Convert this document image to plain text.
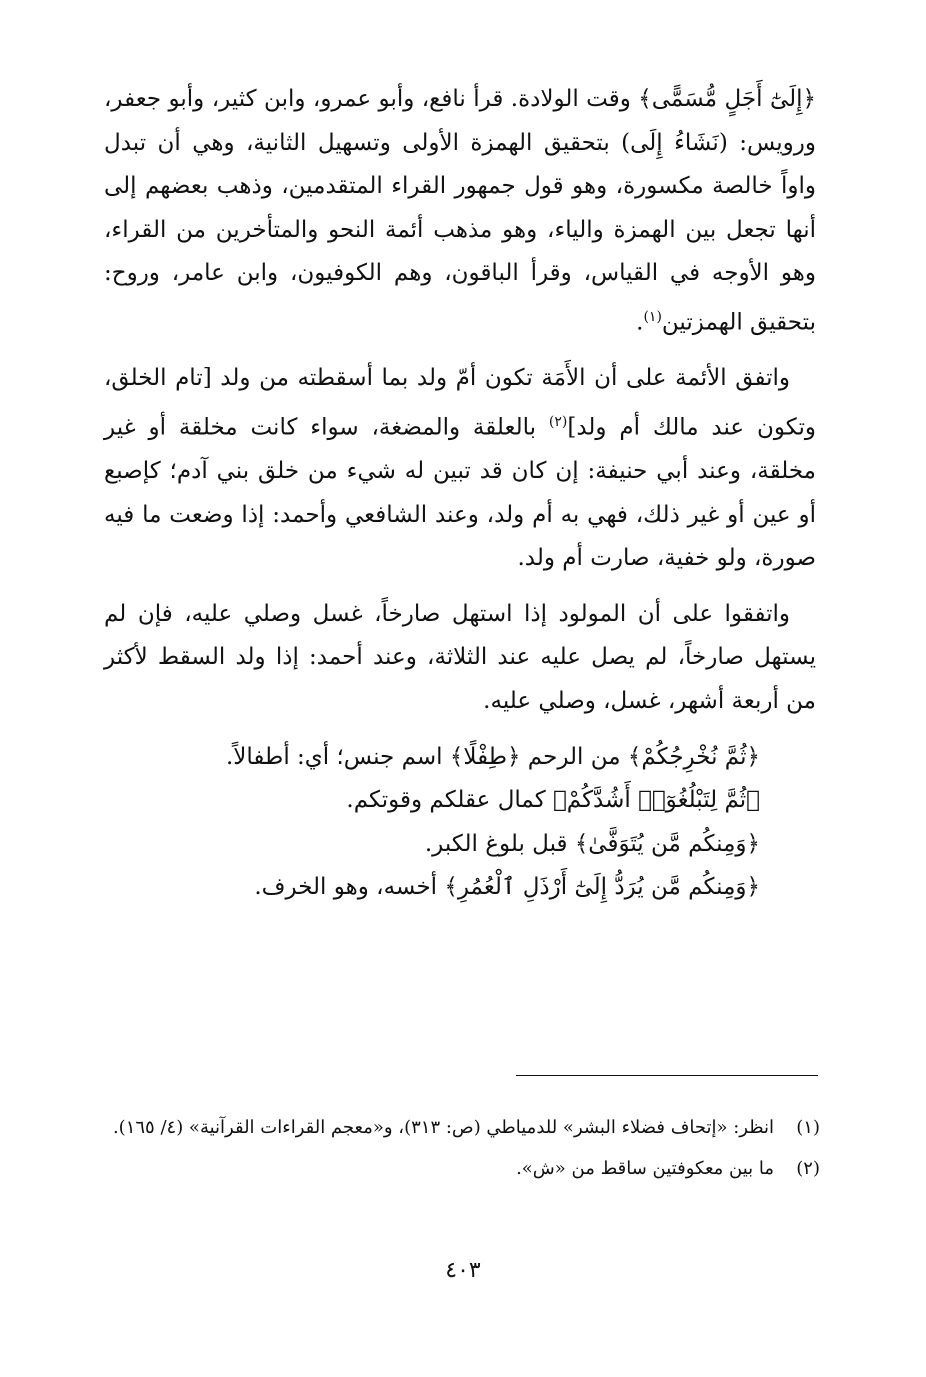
﴿إِلَىٰٓ أَجَلٍ مُّسَمًّى﴾ وقت الولادة. قرأ نافع، وأبو عمرو، وابن كثير، وأبو جعفر، ورويس: (نَشَاءُ إِلَى) بتحقيق الهمزة الأولى وتسهيل الثانية، وهي أن تبدل واواً خالصة مكسورة، وهو قول جمهور القراء المتقدمين، وذهب بعضهم إلى أنها تجعل بين الهمزة والياء، وهو مذهب أئمة النحو والمتأخرين من القراء، وهو الأوجه في القياس، وقرأ الباقون، وهم الكوفيون، وابن عامر، وروح: بتحقيق الهمزتين$^{(١)}$.

واتفق الأئمة على أن الأَمَة تكون أمّ ولد بما أسقطته من ولد [تام الخلق، وتكون عند مالك أم ولد]$^{(٢)}$ بالعلقة والمضغة، سواء كانت مخلقة أو غير مخلقة، وعند أبي حنيفة: إن كان قد تبين له شيء من خلق بني آدم؛ كإصبع أو عين أو غير ذلك، فهي به أم ولد، وعند الشافعي وأحمد: إذا وضعت ما فيه صورة، ولو خفية، صارت أم ولد.

واتفقوا على أن المولود إذا استهل صارخاً، غسل وصلي عليه، فإن لم يستهل صارخاً، لم يصل عليه عند الثلاثة، وعند أحمد: إذا ولد السقط لأكثر من أربعة أشهر، غسل، وصلي عليه.

﴿ثُمَّ نُخْرِجُكُمْ﴾ من الرحم ﴿طِفْلًا﴾ اسم جنس؛ أي: أطفالاً.

﴿ثُمَّ لِتَبْلُغُوٓا۟ أَشُدَّكُمْ﴾ كمال عقلكم وقوتكم.

﴿وَمِنكُم مَّن يُتَوَفَّىٰ﴾ قبل بلوغ الكبر.

﴿وَمِنكُم مَّن يُرَدُّ إِلَىٰٓ أَرْذَلِ ٱلْعُمُرِ﴾ أخسه، وهو الخرف.

(١)
انظر: «إتحاف فضلاء البشر» للدمياطي (ص: ٣١٣)، و«معجم القراءات القرآنية» (٤/ ١٦٥).
(٢)
ما بين معكوفتين ساقط من «ش».
٤٠٣
